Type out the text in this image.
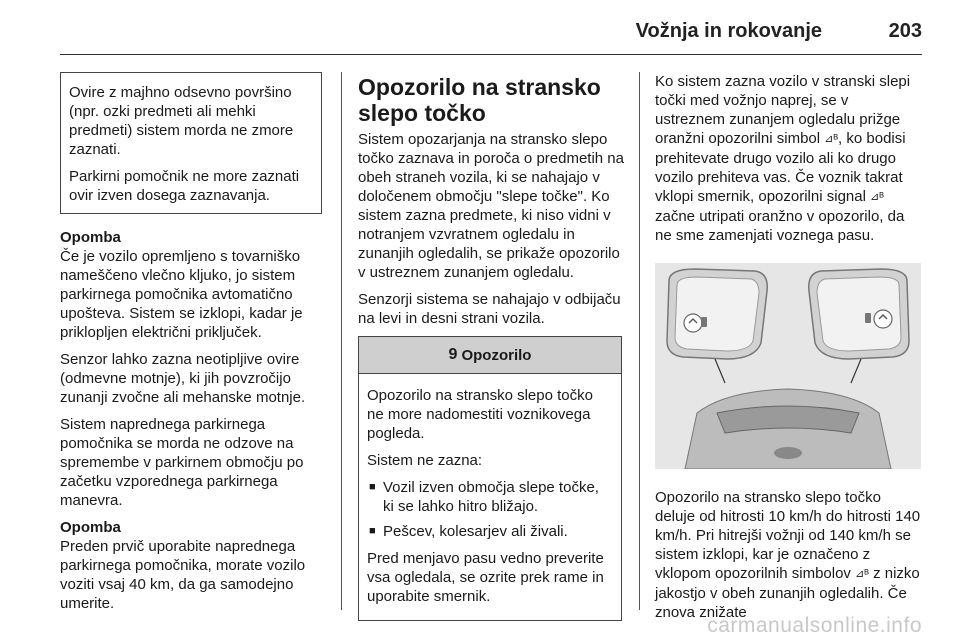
Vožnja in rokovanje	203

Ovire z majhno odsevno površino (npr. ozki predmeti ali mehki predmeti) sistem morda ne zmore zaznati.

Parkirni pomočnik ne more zaznati ovir izven dosega zaznavanja.

Opomba

Če je vozilo opremljeno s tovarniško nameščeno vlečno kljuko, jo sistem parkirnega pomočnika avtomatično upošteva. Sistem se izklopi, kadar je priklopljen električni priključek.

Senzor lahko zazna neotipljive ovire (odmevne motnje), ki jih povzročijo zunanji zvočne ali mehanske motnje.

Sistem naprednega parkirnega pomočnika se morda ne odzove na spremembe v parkirnem območju po začetku vzporednega parkirnega manevra.

Opomba

Preden prvič uporabite naprednega parkirnega pomočnika, morate vozilo voziti vsaj 40 km, da ga samodejno umerite.

Opozorilo na stransko slepo točko

Sistem opozarjanja na stransko slepo točko zaznava in poroča o predmetih na obeh straneh vozila, ki se nahajajo v določenem območju "slepe točke". Ko sistem zazna predmete, ki niso vidni v notranjem vzvratnem ogledalu in zunanjih ogledalih, se prikaže opozorilo v ustreznem zunanjem ogledalu.

Senzorji sistema se nahajajo v odbijaču na levi in desni strani vozila.

9 Opozorilo

Opozorilo na stransko slepo točko ne more nadomestiti voznikovega pogleda.

Sistem ne zazna:

■ Vozil izven območja slepe točke, ki se lahko hitro bližajo.
■ Pešcev, kolesarjev ali živali.

Pred menjavo pasu vedno preverite vsa ogledala, se ozrite prek rame in uporabite smernik.

Ko sistem zazna vozilo v stranski slepi točki med vožnjo naprej, se v ustreznem zunanjem ogledalu prižge oranžni opozorilni simbol ⊿ᴮ, ko bodisi prehitevate drugo vozilo ali ko drugo vozilo prehiteva vas. Če voznik takrat vklopi smernik, opozorilni signal ⊿ᴮ začne utripati oranžno v opozorilo, da ne sme zamenjati voznega pasu.

Opozorilo na stransko slepo točko deluje od hitrosti 10 km/h do hitrosti 140 km/h. Pri hitrejši vožnji od 140 km/h se sistem izklopi, kar je označeno z vklopom opozorilnih simbolov ⊿ᴮ z nizko jakostjo v obeh zunanjih ogledalih. Če znova znižate

carmanualsonline.info
